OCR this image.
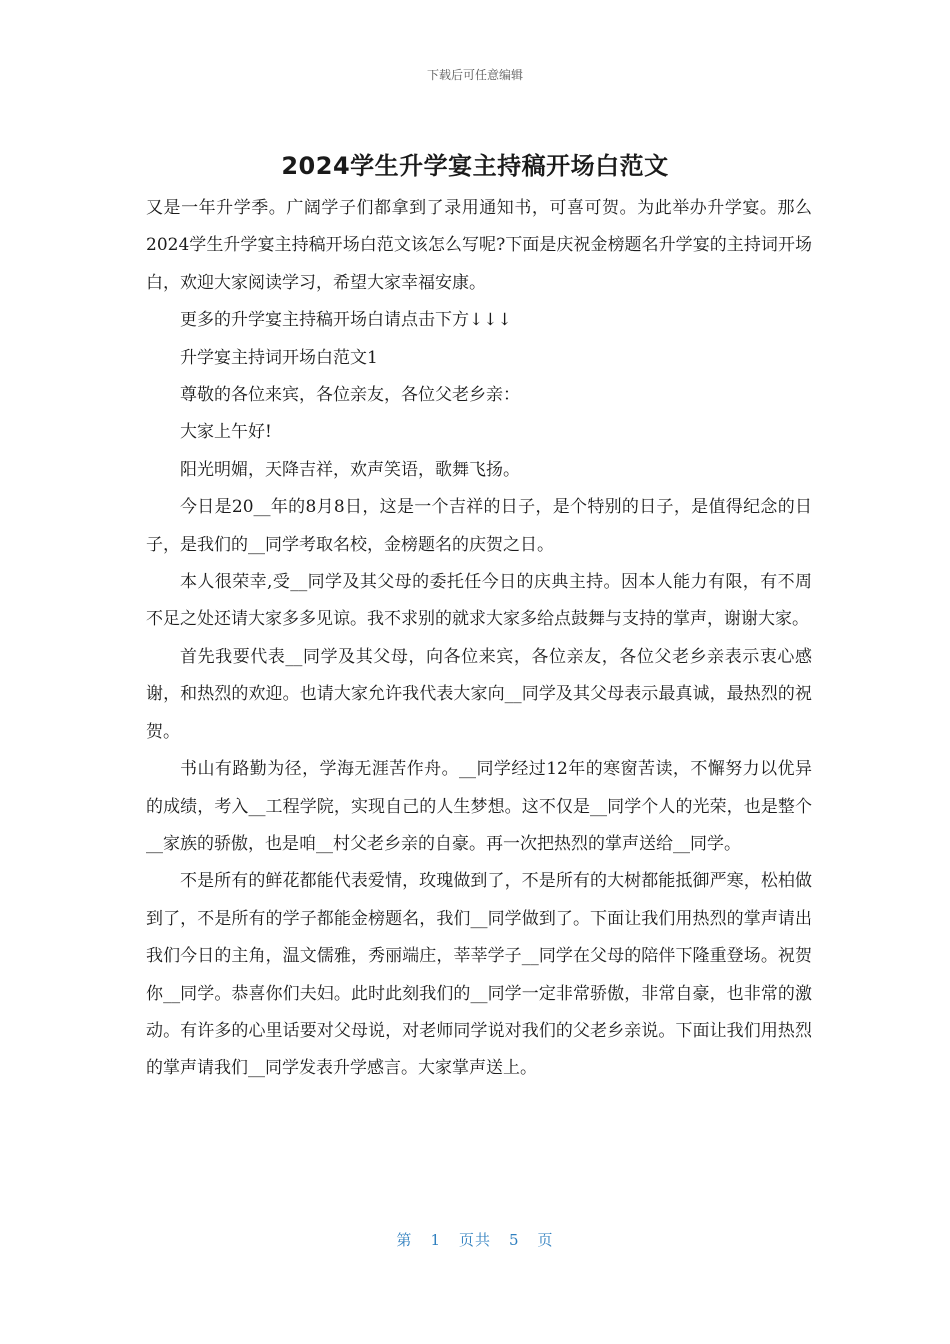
下载后可任意编辑
2024学生升学宴主持稿开场白范文

又是一年升学季。广阔学子们都拿到了录用通知书，可喜可贺。为此举办升学宴。那么2024学生升学宴主持稿开场白范文该怎么写呢?下面是庆祝金榜题名升学宴的主持词开场白，欢迎大家阅读学习，希望大家幸福安康。

更多的升学宴主持稿开场白请点击下方↓↓↓

升学宴主持词开场白范文1

尊敬的各位来宾，各位亲友，各位父老乡亲：

大家上午好!

阳光明媚，天降吉祥，欢声笑语，歌舞飞扬。

今日是20__年的8月8日，这是一个吉祥的日子，是个特别的日子，是值得纪念的日子，是我们的__同学考取名校，金榜题名的庆贺之日。

本人很荣幸,受__同学及其父母的委托任今日的庆典主持。因本人能力有限，有不周不足之处还请大家多多见谅。我不求别的就求大家多给点鼓舞与支持的掌声，谢谢大家。

首先我要代表__同学及其父母，向各位来宾，各位亲友，各位父老乡亲表示衷心感谢，和热烈的欢迎。也请大家允许我代表大家向__同学及其父母表示最真诚，最热烈的祝贺。

书山有路勤为径，学海无涯苦作舟。__同学经过12年的寒窗苦读，不懈努力以优异的成绩，考入__工程学院，实现自己的人生梦想。这不仅是__同学个人的光荣，也是整个__家族的骄傲，也是咱__村父老乡亲的自豪。再一次把热烈的掌声送给__同学。

不是所有的鲜花都能代表爱情，玫瑰做到了，不是所有的大树都能抵御严寒，松柏做到了，不是所有的学子都能金榜题名，我们__同学做到了。下面让我们用热烈的掌声请出我们今日的主角，温文儒雅，秀丽端庄，莘莘学子__同学在父母的陪伴下隆重登场。祝贺你__同学。恭喜你们夫妇。此时此刻我们的__同学一定非常骄傲，非常自豪，也非常的激动。有许多的心里话要对父母说，对老师同学说对我们的父老乡亲说。下面让我们用热烈的掌声请我们__同学发表升学感言。大家掌声送上。

第 1 页共 5 页
